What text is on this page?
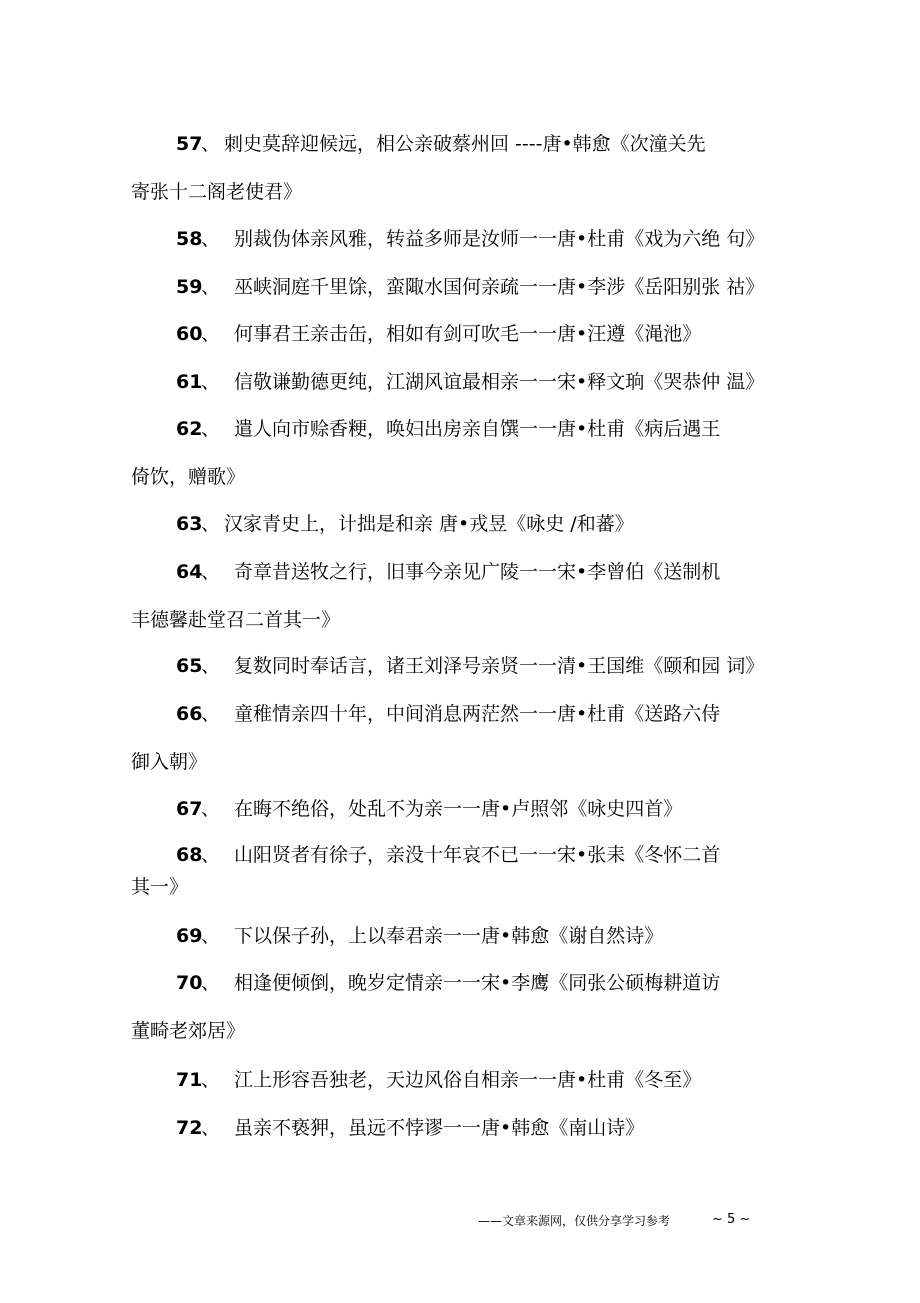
57
、 刺史莫辞迎候远，相公亲破蔡州回 ----唐•韩愈《次潼关先
寄张十二阁老使君》
58
、 别裁伪体亲风雅，转益多师是汝师一一唐•杜甫《戏为六绝 句》
59
、 巫峡洞庭千里馀，蛮陬水国何亲疏一一唐•李涉《岳阳别张 祜》
60
、 何事君王亲击缶，相如有剑可吹毛一一唐•汪遵《渑池》
61
、 信敬谦勤德更纯，江湖风谊最相亲一一宋•释文珦《哭恭仲 温》
62
、 遣人向市赊香粳，唤妇出房亲自馔一一唐•杜甫《病后遇王
倚饮，赠歌》
63
、 汉家青史上，计拙是和亲 唐•戎昱《咏史 /和蕃》
64
、 奇章昔送牧之行，旧事今亲见广陵一一宋•李曾伯《送制机
丰德馨赴堂召二首其一》
65
、 复数同时奉话言，诸王刘泽号亲贤一一清•王国维《颐和园 词》
66
、 童稚情亲四十年，中间消息两茫然一一唐•杜甫《送路六侍
御入朝》
67
、 在晦不绝俗，处乱不为亲一一唐•卢照邻《咏史四首》
68
、 山阳贤者有徐子，亲没十年哀不已一一宋•张耒《冬怀二首
其一》
69
、 下以保子孙，上以奉君亲一一唐•韩愈《谢自然诗》
70
、 相逢便倾倒，晚岁定情亲一一宋•李鹰《同张公硕梅耕道访
董畸老郊居》
71
、 江上形容吾独老，天边风俗自相亲一一唐•杜甫《冬至》
72
、 虽亲不亵狎，虽远不悖谬一一唐•韩愈《南山诗》
——文章来源网，仅供分享学习参考	~ 5 ~
